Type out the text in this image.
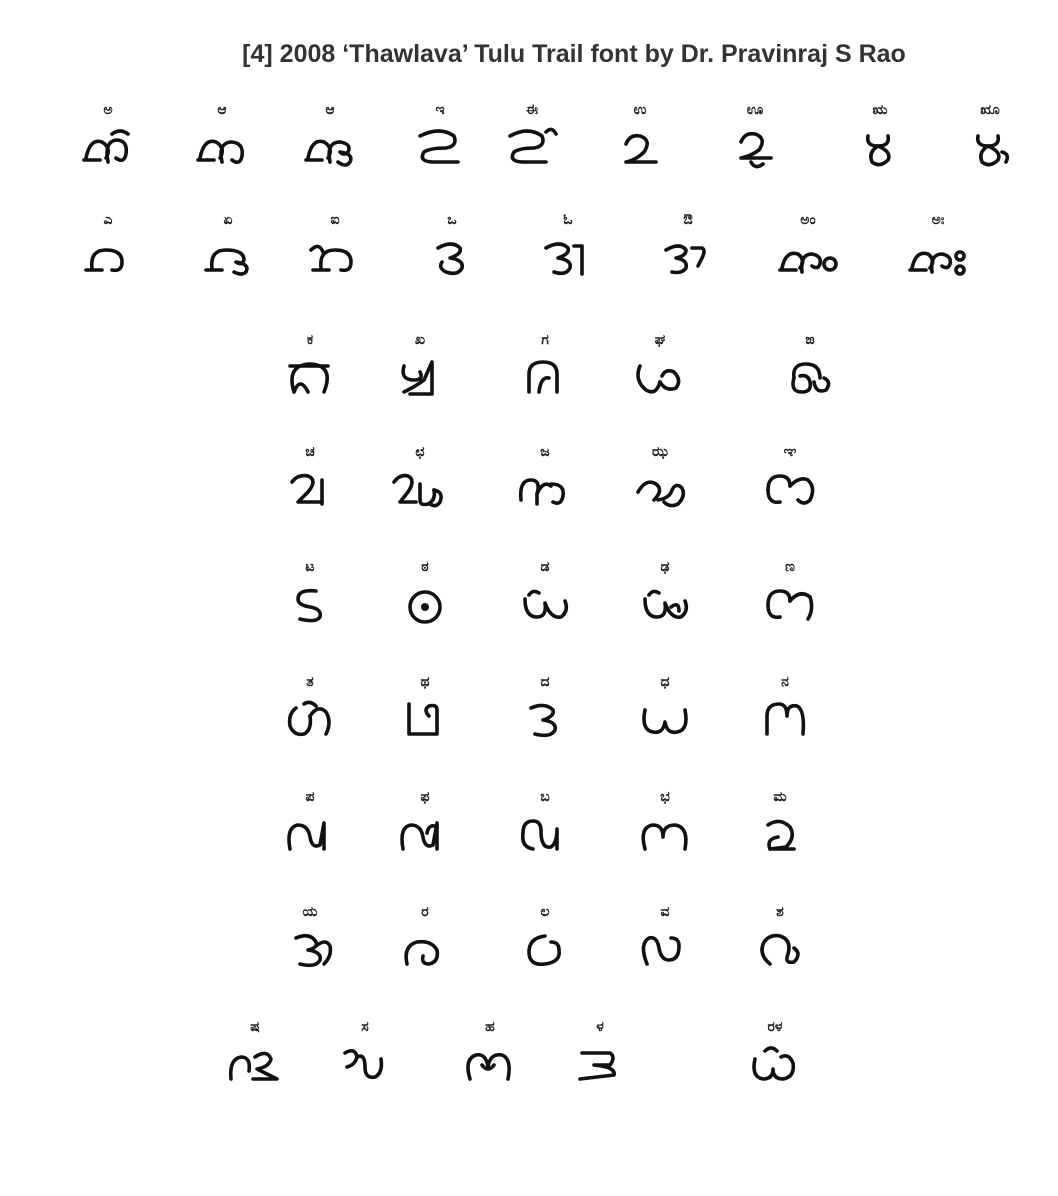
[4] 2008 ‘Thawlava’ Tulu Trail font by Dr. Pravinraj S Rao
ಅ	ಆ	ಆ	ಇ	ಈ	ಉ	ಊ	ಋ	ೠ
ಎ	ಏ	ಐ	ಒ	ಓ	ಔ	ಅಂ	ಅಃ
ಕ	ಖ	ಗ	ಘ	ಙ
ಚ	ಛ	ಜ	ಝ	ಞ
ಟ	ಠ	ಡ	ಢ	ಣ
ತ	ಥ	ದ	ಧ	ನ
ಪ	ಫ	ಬ	ಭ	ಮ
ಯ	ರ	ಲ	ವ	ಶ
ಷ	ಸ	ಹ	ಳ	ರಳ
